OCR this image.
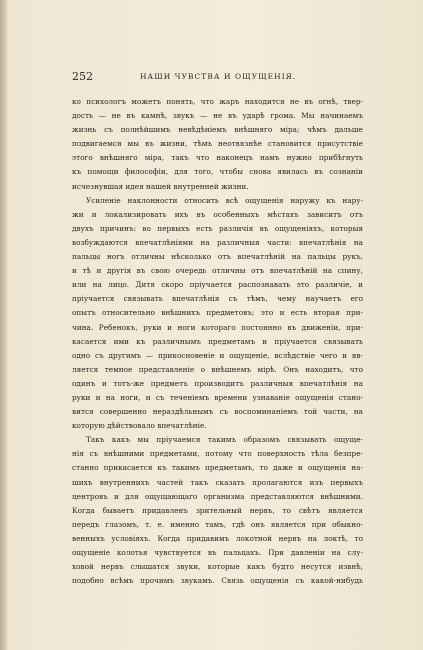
252	НАШИ ЧУВСТВА И ОЩУЩЕНІЯ.
ко психологъ можетъ понять, что жаръ находится не въ огнѣ, твер-
дость — не въ камнѣ, звукъ — не въ ударѣ грома. Мы начинаемъ
жизнь съ полнѣйшимъ невѣдѣніемъ внѣшняго міра; чѣмъ дальше
подвигаемся мы въ жизни, тѣмъ неотвязнѣе становится присутствіе
этого внѣшняго міра, такъ что наконецъ намъ нужно прибѣгнуть
къ помощи философіи, для того, чтобы снова явилась въ сознаніи
исчезнувшая идея нашей внутренней жизни.
Усиленіе наклонности относить всѣ ощущенія наружу къ нару-
жи и локализировать ихъ въ особенныхъ мѣстахъ зависитъ отъ
двухъ причинъ: во первыхъ есть различія въ ощущеніяхъ, которыя
возбуждаются впечатлѣніями на различныя части: впечатлѣнія на
пальцы ногъ отличны нѣсколько отъ впечатлѣній на пальцы рукъ,
и тѣ и другія въ свою очередь отличны отъ впечатлѣній на спину,
или на лицо. Дитя скоро пріучается распознавать это различіе, и
пріучается связывать впечатлѣнія съ тѣмъ, чему научаетъ его
опытъ относительно внѣшнихъ предметовъ; это и есть вторая при-
чина. Ребенокъ, руки и ноги котораго постоянно въ движеніи, при-
касается ими къ различнымъ предметамъ и пріучается связывать
одно съ другимъ — прикосновеніе и ощущеніе, вслѣдствіе чего и яв-
ляется темное представленіе о внѣшнемъ мірѣ. Онъ находитъ, что
одинъ и тотъ-же предметъ производитъ различныя впечатлѣнія на
руки и на ноги, и съ теченіемъ времени узнаваніе ощущенія стано-
вится совершенно нераздѣльнымъ съ воспоминаніемъ той части, на
которую дѣйствовало впечатлѣніе.
Такъ какъ мы пріучаемся такимъ образомъ связывать ощуще-
нія съ внѣшними предметами, потому что поверхность тѣла безпре-
станно прикасается къ такимъ предметамъ, то даже и ощущенія на-
шихъ внутреннихъ частей такъ сказать пролагаются изъ первыхъ
центровъ и для ощущающаго организма представляются внѣшними.
Когда бываетъ придавленъ зрительный нервъ, то свѣтъ является
передъ глазомъ, т. е. именно тамъ, гдѣ онъ является при обыкно-
венныхъ условіяхъ. Когда придавимъ локотной нервъ на локтѣ, то
ощущеніе колотья чувствуется въ пальцахъ. При давленіи на слу-
ховой нервъ слышатся звуки, которые какъ будто несутся извнѣ,
подобно всѣмъ прочимъ звукамъ. Связь ощущенія съ какой-нибудь
